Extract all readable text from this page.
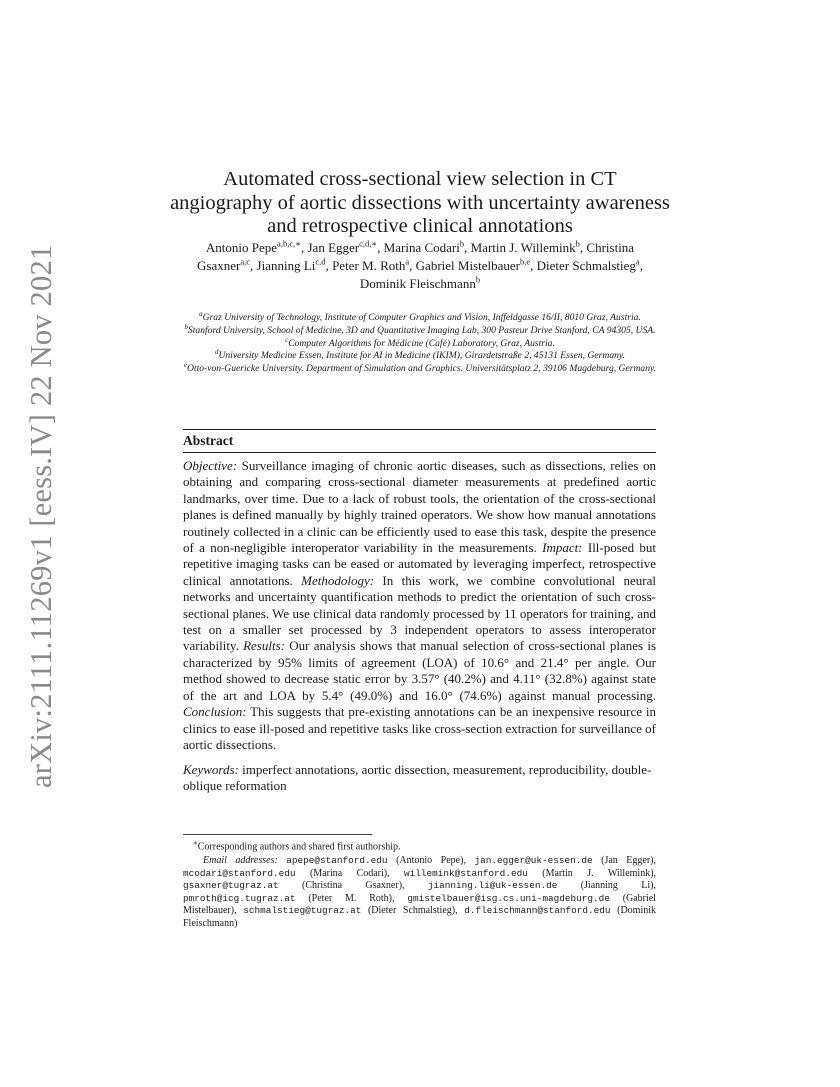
arXiv:2111.11269v1 [eess.IV] 22 Nov 2021
Automated cross-sectional view selection in CT angiography of aortic dissections with uncertainty awareness and retrospective clinical annotations
Antonio Pepe$^{a,b,c,∗}$, Jan Egger$^{c,d,∗}$, Marina Codari$^b$, Martin J. Willemink$^b$, Christina Gsaxner$^{a,c}$, Jianning Li$^{c,d}$, Peter M. Roth$^a$, Gabriel Mistelbauer$^{b,e}$, Dieter Schmalstieg$^a$, Dominik Fleischmann$^b$
$^a$Graz University of Technology, Institute of Computer Graphics and Vision, Inffeldgasse 16/II, 8010 Graz, Austria.
$^b$Stanford University, School of Medicine, 3D and Quantitative Imaging Lab, 300 Pasteur Drive Stanford, CA 94305, USA.
$^c$Computer Algorithms for Médicine (Café) Laboratory, Graz, Austria.
$^d$University Medicine Essen, Institute for AI in Medicine (IKIM), Girardetstraße 2, 45131 Essen, Germany.
$^e$Otto-von-Guericke University. Department of Simulation and Graphics. Universitätsplatz 2, 39106 Magdeburg, Germany.
Abstract
Objective: Surveillance imaging of chronic aortic diseases, such as dissections, relies on obtaining and comparing cross-sectional diameter measurements at predefined aortic landmarks, over time. Due to a lack of robust tools, the orientation of the cross-sectional planes is defined manually by highly trained operators. We show how manual annotations routinely collected in a clinic can be efficiently used to ease this task, despite the presence of a non-negligible interoperator variability in the measurements. Impact: Ill-posed but repetitive imaging tasks can be eased or automated by leveraging imperfect, retrospective clinical annotations. Methodology: In this work, we combine convolutional neural networks and uncertainty quantification methods to predict the orientation of such cross-sectional planes. We use clinical data randomly processed by 11 operators for training, and test on a smaller set processed by 3 independent operators to assess interoperator variability. Results: Our analysis shows that manual selection of cross-sectional planes is characterized by 95% limits of agreement (LOA) of 10.6° and 21.4° per angle. Our method showed to decrease static error by 3.57° (40.2%) and 4.11° (32.8%) against state of the art and LOA by 5.4° (49.0%) and 16.0° (74.6%) against manual processing. Conclusion: This suggests that pre-existing annotations can be an inexpensive resource in clinics to ease ill-posed and repetitive tasks like cross-section extraction for surveillance of aortic dissections.
Keywords: imperfect annotations, aortic dissection, measurement, reproducibility, double-oblique reformation
∗Corresponding authors and shared first authorship.
Email addresses: apepe@stanford.edu (Antonio Pepe), jan.egger@uk-essen.de (Jan Egger), mcodari@stanford.edu (Marina Codari), willemink@stanford.edu (Martin J. Willemink), gsaxner@tugraz.at (Christina Gsaxner), jianning.li@uk-essen.de (Jianning Li), pmroth@icg.tugraz.at (Peter M. Roth), gmistelbauer@isg.cs.uni-magdeburg.de (Gabriel Mistelbauer), schmalstieg@tugraz.at (Dieter Schmalstieg), d.fleischmann@stanford.edu (Dominik Fleischmann)
